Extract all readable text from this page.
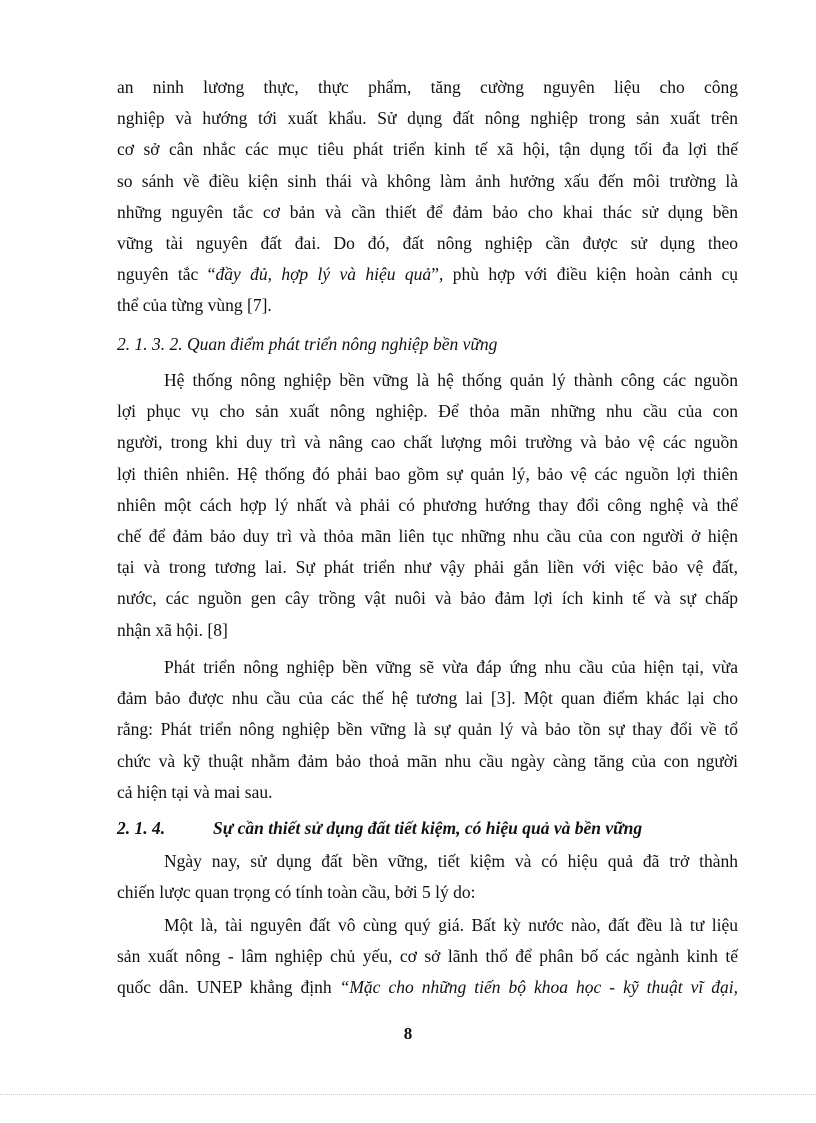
an ninh lương thực, thực phẩm, tăng cường nguyên liệu cho công
nghiệp và hướng tới xuất khẩu. Sử dụng đất nông nghiệp trong sản xuất trên
cơ sở cân nhắc các mục tiêu phát triển kinh tế xã hội, tận dụng tối đa lợi thế
so sánh về điều kiện sinh thái và không làm ảnh hưởng xấu đến môi trường là
những nguyên tắc cơ bản và cần thiết để đảm bảo cho khai thác sử dụng bền
vững tài nguyên đất đai. Do đó, đất nông nghiệp cần được sử dụng theo
nguyên tắc “đầy đủ, hợp lý và hiệu quả”, phù hợp với điều kiện hoàn cảnh cụ
thể của từng vùng [7].
2. 1. 3. 2. Quan điểm phát triển nông nghiệp bền vững
Hệ thống nông nghiệp bền vững là hệ thống quản lý thành công các nguồn
lợi phục vụ cho sản xuất nông nghiệp. Để thỏa mãn những nhu cầu của con
người, trong khi duy trì và nâng cao chất lượng môi trường và bảo vệ các nguồn
lợi thiên nhiên. Hệ thống đó phải bao gồm sự quản lý, bảo vệ các nguồn lợi thiên
nhiên một cách hợp lý nhất và phải có phương hướng thay đổi công nghệ và thể
chế để đảm bảo duy trì và thỏa mãn liên tục những nhu cầu của con người ở hiện
tại và trong tương lai. Sự phát triển như vậy phải gắn liền với việc bảo vệ đất,
nước, các nguồn gen cây trồng vật nuôi và bảo đảm lợi ích kinh tế và sự chấp
nhận xã hội. [8]
Phát triển nông nghiệp bền vững sẽ vừa đáp ứng nhu cầu của hiện tại, vừa
đảm bảo được nhu cầu của các thế hệ tương lai [3]. Một quan điểm khác lại cho
rằng: Phát triển nông nghiệp bền vững là sự quản lý và bảo tồn sự thay đổi về tổ
chức và kỹ thuật nhằm đảm bảo thoả mãn nhu cầu ngày càng tăng của con người
cả hiện tại và mai sau.
2. 1. 4.	Sự cần thiết sử dụng đất tiết kiệm, có hiệu quả và bền vững
Ngày nay, sử dụng đất bền vững, tiết kiệm và có hiệu quả đã trở thành
chiến lược quan trọng có tính toàn cầu, bởi 5 lý do:
Một là, tài nguyên đất vô cùng quý giá. Bất kỳ nước nào, đất đều là tư liệu
sản xuất nông - lâm nghiệp chủ yếu, cơ sở lãnh thổ để phân bố các ngành kinh tế
quốc dân. UNEP khẳng định “Mặc cho những tiến bộ khoa học - kỹ thuật vĩ đại,
8
